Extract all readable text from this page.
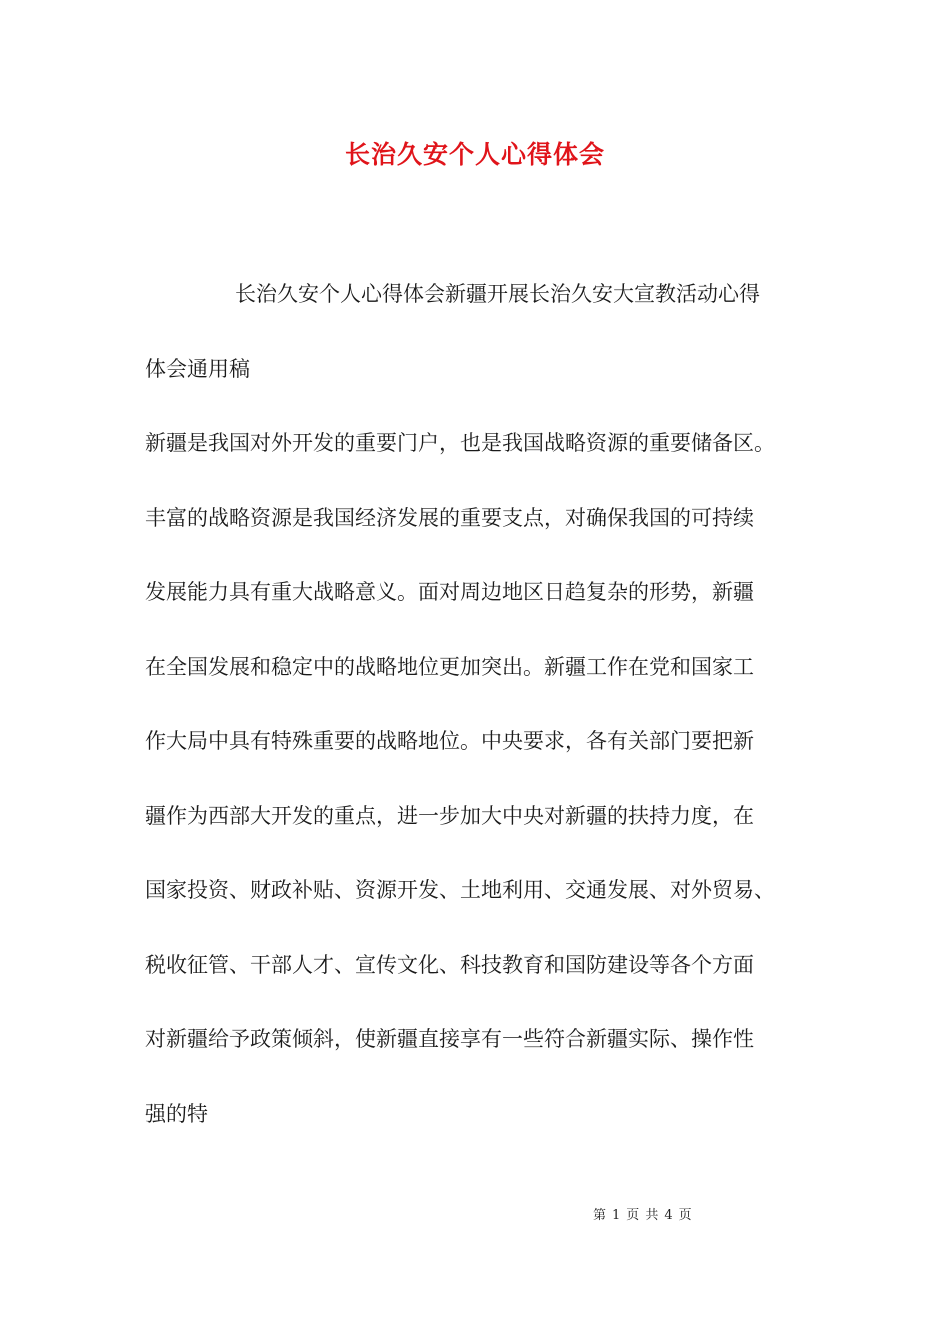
长治久安个人心得体会
长治久安个人心得体会新疆开展长治久安大宣教活动心得
体会通用稿
新疆是我国对外开发的重要门户，也是我国战略资源的重要储备区。
丰富的战略资源是我国经济发展的重要支点，对确保我国的可持续
发展能力具有重大战略意义。面对周边地区日趋复杂的形势，新疆
在全国发展和稳定中的战略地位更加突出。新疆工作在党和国家工
作大局中具有特殊重要的战略地位。中央要求，各有关部门要把新
疆作为西部大开发的重点，进一步加大中央对新疆的扶持力度，在
国家投资、财政补贴、资源开发、土地利用、交通发展、对外贸易、
税收征管、干部人才、宣传文化、科技教育和国防建设等各个方面
对新疆给予政策倾斜，使新疆直接享有一些符合新疆实际、操作性
强的特
第 1 页 共 4 页
